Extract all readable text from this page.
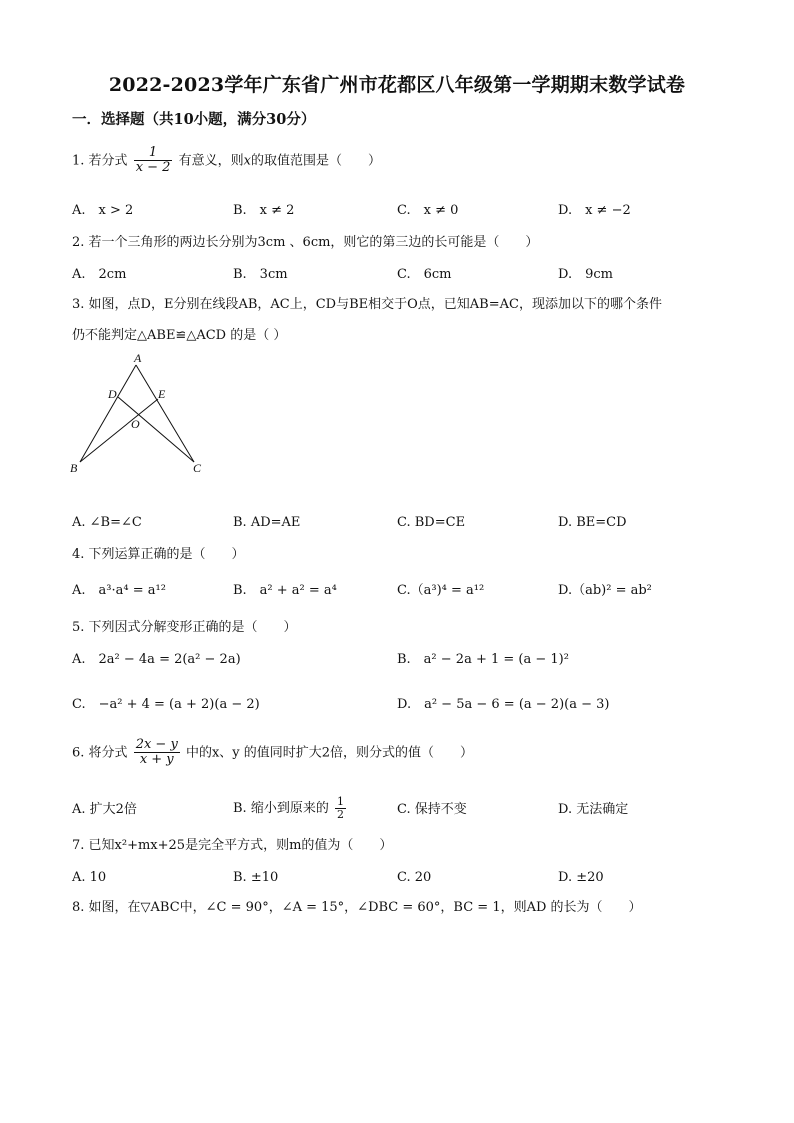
2022-2023学年广东省广州市花都区八年级第一学期期末数学试卷
一．选择题（共10小题，满分30分）
1. 若分式 $\frac{1}{x - 2}$ 有意义，则x的取值范围是（　　）
A.　x > 2	B.　x ≠ 2	C.　x ≠ 0	D.　x ≠ −2
2. 若一个三角形的两边长分别为3cm 、6cm，则它的第三边的长可能是（　　）
A.　2cm	B.　3cm	C.　6cm	D.　9cm
3. 如图，点D，E分别在线段AB，AC上，CD与BE相交于O点，已知AB=AC，现添加以下的哪个条件
仍不能判定△ABE≌△ACD 的是（ ）
A
D	E
O
B	C
A. ∠B=∠C	B. AD=AE	C. BD=CE	D. BE=CD
4. 下列运算正确的是（　　）
A.　a³·a⁴ = a¹²	B.　a² + a² = a⁴	C.（a³)⁴ = a¹²	D.（ab)² = ab²
5. 下列因式分解变形正确的是（　　）
A.　2a² − 4a = 2(a² − 2a)	B.　a² − 2a + 1 = (a − 1)²
C.　−a² + 4 = (a + 2)(a − 2)	D.　a² − 5a − 6 = (a − 2)(a − 3)
6. 将分式 $\frac{2x - y}{x + y}$ 中的x、y 的值同时扩大2倍，则分式的值（　　）
A. 扩大2倍	B. 缩小到原来的 $\frac{1}{2}$	C. 保持不变	D. 无法确定
7. 已知x²+mx+25是完全平方式，则m的值为（　　）
A. 10	B. ±10	C. 20	D. ±20
8. 如图，在▽ABC中，∠C = 90°，∠A = 15°，∠DBC = 60°，BC = 1，则AD 的长为（　　）
